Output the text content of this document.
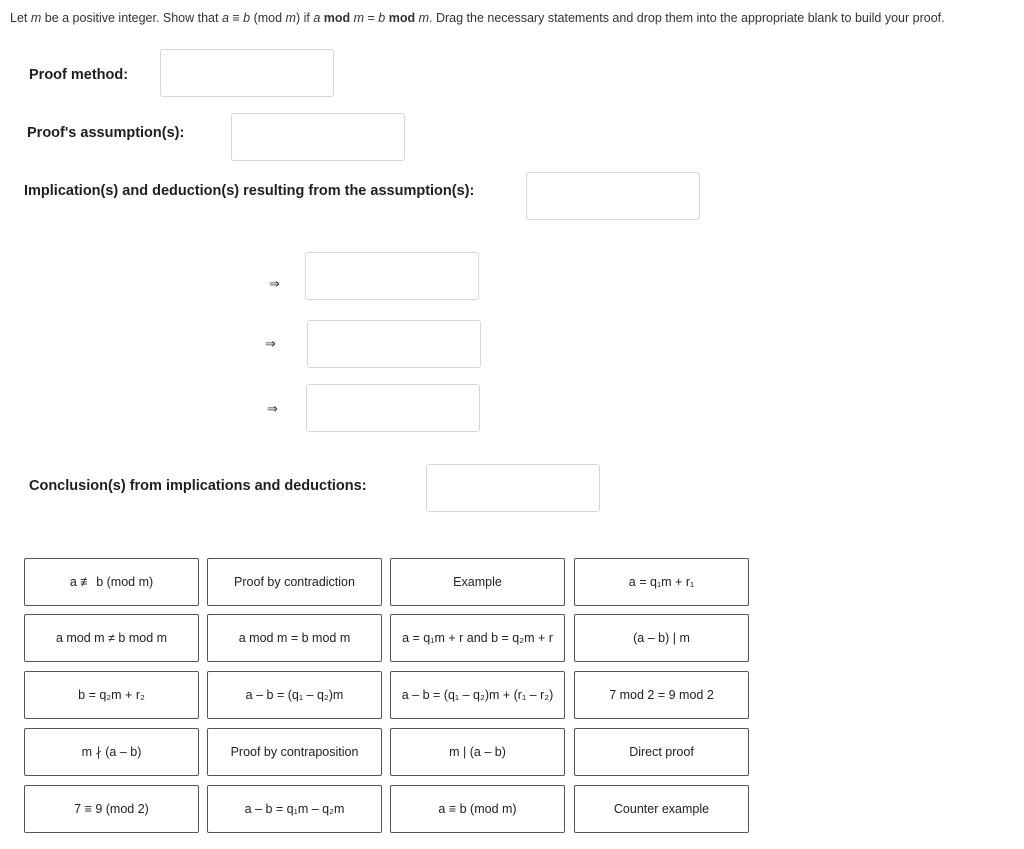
Let m be a positive integer. Show that a ≡ b (mod m) if a mod m = b mod m. Drag the necessary statements and drop them into the appropriate blank to build your proof.
Proof method:
Proof's assumption(s):
Implication(s) and deduction(s) resulting from the assumption(s):
⇒
⇒
⇒
Conclusion(s) from implications and deductions:
a ≢ b (mod m)	Proof by contradiction	Example	a = q₁m + r₁
a mod m ≠ b mod m	a mod m = b mod m	a = q₁m + r and b = q₂m + r	(a – b) | m
b = q₂m + r₂	a – b = (q₁ – q₂)m	a – b = (q₁ – q₂)m + (r₁ – r₂)	7 mod 2 = 9 mod 2
m ∤ (a – b)	Proof by contraposition	m | (a – b)	Direct proof
7 ≡ 9 (mod 2)	a – b = q₁m – q₂m	a ≡ b (mod m)	Counter example
